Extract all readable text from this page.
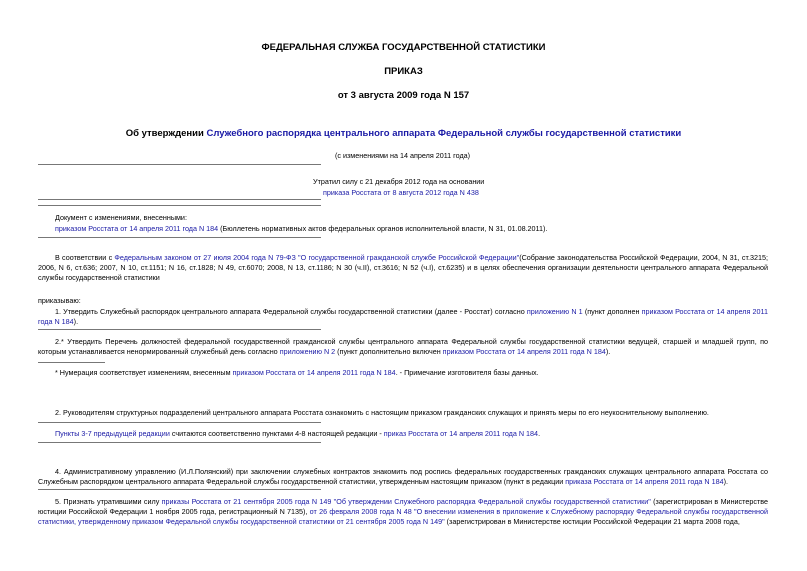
ФЕДЕРАЛЬНАЯ СЛУЖБА ГОСУДАРСТВЕННОЙ СТАТИСТИКИ
ПРИКАЗ
от 3 августа 2009 года N 157
Об утверждении Служебного распорядка центрального аппарата Федеральной службы государственной статистики
(с изменениями на 14 апреля 2011 года)
Утратил силу с 21 декабря 2012 года на основании
приказа Росстата от 8 августа 2012 года N 438
Документ с изменениями, внесенными:
приказом Росстата от 14 апреля 2011 года N 184 (Бюллетень нормативных актов федеральных органов исполнительной власти, N 31, 01.08.2011).
В соответствии с Федеральным законом от 27 июля 2004 года N 79-ФЗ "О государственной гражданской службе Российской Федерации"(Собрание законодательства Российской Федерации, 2004, N 31, ст.3215; 2006, N 6, ст.636; 2007, N 10, ст.1151; N 16, ст.1828; N 49, ст.6070; 2008, N 13, ст.1186; N 30 (ч.II), ст.3616; N 52 (ч.I), ст.6235) и в целях обеспечения организации деятельности центрального аппарата Федеральной службы государственной статистики
приказываю:
1. Утвердить Служебный распорядок центрального аппарата Федеральной службы государственной статистики (далее - Росстат) согласно приложению N 1 (пункт дополнен приказом Росстата от 14 апреля 2011 года N 184).
2.* Утвердить Перечень должностей федеральной государственной гражданской службы центрального аппарата Федеральной службы государственной статистики ведущей, старшей и младшей групп, по которым устанавливается ненормированный служебный день согласно приложению N 2 (пункт дополнительно включен приказом Росстата от 14 апреля 2011 года N 184).
* Нумерация соответствует изменениям, внесенным приказом Росстата от 14 апреля 2011 года N 184. - Примечание изготовителя базы данных.
2. Руководителям структурных подразделений центрального аппарата Росстата ознакомить с настоящим приказом гражданских служащих и принять меры по его неукоснительному выполнению.
Пункты 3-7 предыдущей редакции считаются соответственно пунктами 4-8 настоящей редакции - приказ Росстата от 14 апреля 2011 года N 184.
4. Административному управлению (И.Л.Полянский) при заключении служебных контрактов знакомить под роспись федеральных государственных гражданских служащих центрального аппарата Росстата со Служебным распорядком центрального аппарата Федеральной службы государственной статистики, утвержденным настоящим приказом (пункт в редакции приказа Росстата от 14 апреля 2011 года N 184).
5. Признать утратившими силу приказы Росстата от 21 сентября 2005 года N 149 "Об утверждении Служебного распорядка Федеральной службы государственной статистики" (зарегистрирован в Министерстве юстиции Российской Федерации 1 ноября 2005 года, регистрационный N 7135), от 26 февраля 2008 года N 48 "О внесении изменения в приложение к Служебному распорядку Федеральной службы государственной статистики, утвержденному приказом Федеральной службы государственной статистики от 21 сентября 2005 года N 149" (зарегистрирован в Министерстве юстиции Российской Федерации 21 марта 2008 года,
